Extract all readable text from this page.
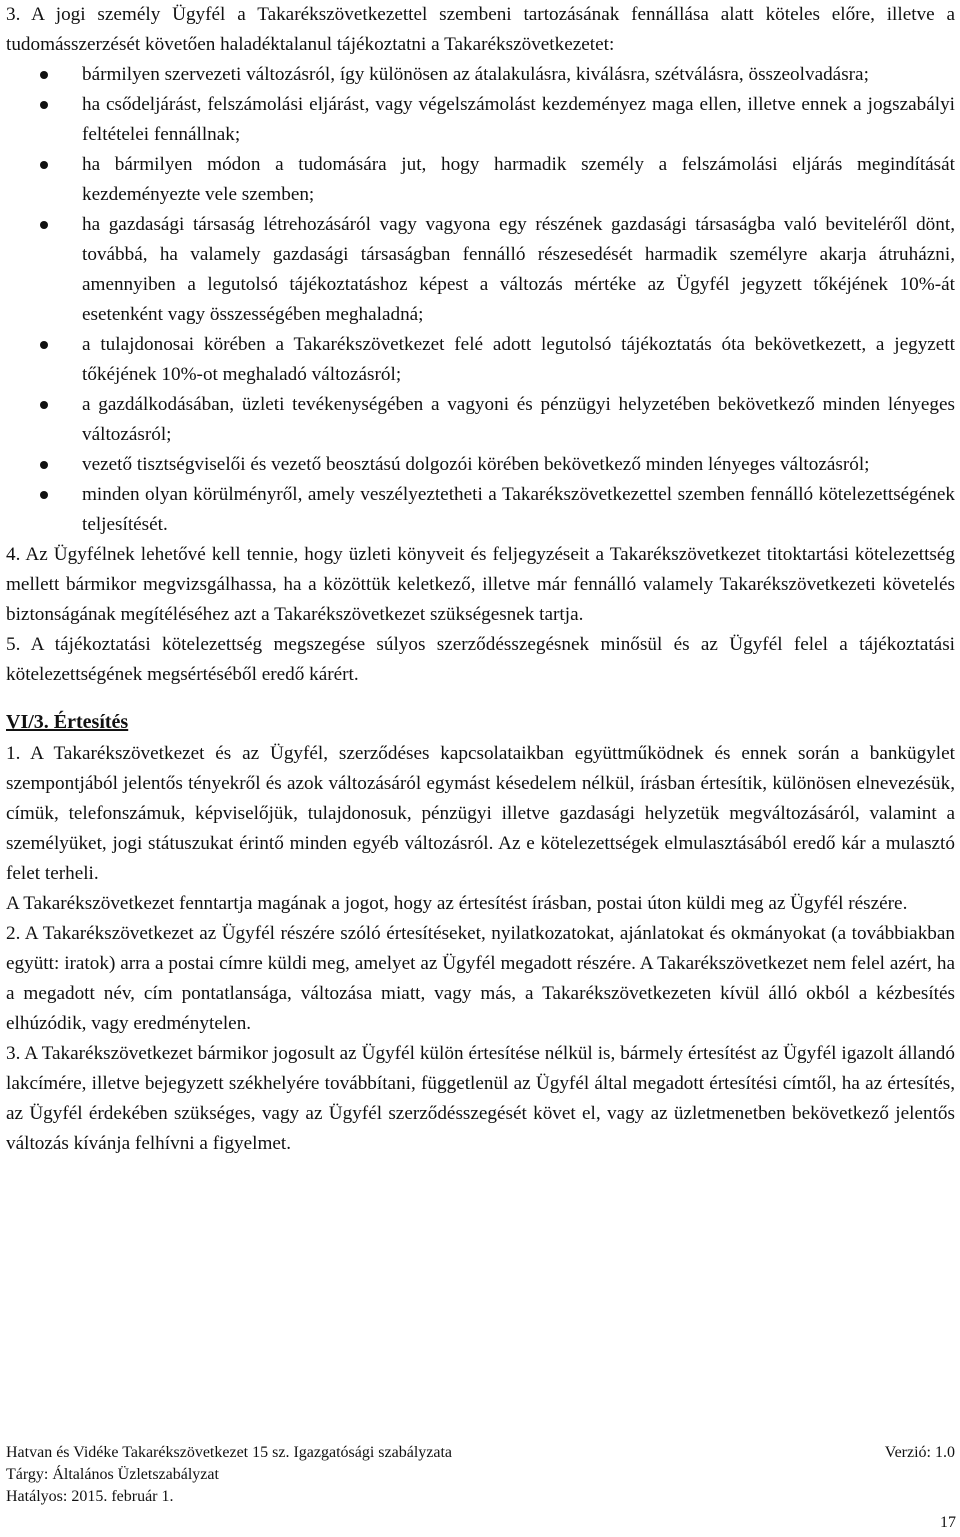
3. A jogi személy Ügyfél a Takarékszövetkezettel szembeni tartozásának fennállása alatt köteles előre, illetve a tudomásszerzését követően haladéktalanul tájékoztatni a Takarékszövetkezetet:

bármilyen szervezeti változásról, így különösen az átalakulásra, kiválásra, szétválásra, összeolvadásra;
ha csődeljárást, felszámolási eljárást, vagy végelszámolást kezdeményez maga ellen, illetve ennek a jogszabályi feltételei fennállnak;
ha bármilyen módon a tudomására jut, hogy harmadik személy a felszámolási eljárás megindítását kezdeményezte vele szemben;
ha gazdasági társaság létrehozásáról vagy vagyona egy részének gazdasági társaságba való beviteléről dönt, továbbá, ha valamely gazdasági társaságban fennálló részesedését harmadik személyre akarja átruházni, amennyiben a legutolsó tájékoztatáshoz képest a változás mértéke az Ügyfél jegyzett tőkéjének 10%-át esetenként vagy összességében meghaladná;
a tulajdonosai körében a Takarékszövetkezet felé adott legutolsó tájékoztatás óta bekövetkezett, a jegyzett tőkéjének 10%-ot meghaladó változásról;
a gazdálkodásában, üzleti tevékenységében a vagyoni és pénzügyi helyzetében bekövetkező minden lényeges változásról;
vezető tisztségviselői és vezető beosztású dolgozói körében bekövetkező minden lényeges változásról;
minden olyan körülményről, amely veszélyeztetheti a Takarékszövetkezettel szemben fennálló kötelezettségének teljesítését.

4. Az Ügyfélnek lehetővé kell tennie, hogy üzleti könyveit és feljegyzéseit a Takarékszövetkezet titoktartási kötelezettség mellett bármikor megvizsgálhassa, ha a közöttük keletkező, illetve már fennálló valamely Takarékszövetkezeti követelés biztonságának megítéléséhez azt a Takarékszövetkezet szükségesnek tartja.

5. A tájékoztatási kötelezettség megszegése súlyos szerződésszegésnek minősül és az Ügyfél felel a tájékoztatási kötelezettségének megsértéséből eredő kárért.

VI/3. Értesítés

1. A Takarékszövetkezet és az Ügyfél, szerződéses kapcsolataikban együttműködnek és ennek során a bankügylet szempontjából jelentős tényekről és azok változásáról egymást késedelem nélkül, írásban értesítik, különösen elnevezésük, címük, telefonszámuk, képviselőjük, tulajdonosuk, pénzügyi illetve gazdasági helyzetük megváltozásáról, valamint a személyüket, jogi státuszukat érintő minden egyéb változásról. Az e kötelezettségek elmulasztásából eredő kár a mulasztó felet terheli.

A Takarékszövetkezet fenntartja magának a jogot, hogy az értesítést írásban, postai úton küldi meg az Ügyfél részére.

2. A Takarékszövetkezet az Ügyfél részére szóló értesítéseket, nyilatkozatokat, ajánlatokat és okmányokat (a továbbiakban együtt: iratok) arra a postai címre küldi meg, amelyet az Ügyfél megadott részére. A Takarékszövetkezet nem felel azért, ha a megadott név, cím pontatlansága, változása miatt, vagy más, a Takarékszövetkezeten kívül álló okból a kézbesítés elhúzódik, vagy eredménytelen.

3. A Takarékszövetkezet bármikor jogosult az Ügyfél külön értesítése nélkül is, bármely értesítést az Ügyfél igazolt állandó lakcímére, illetve bejegyzett székhelyére továbbítani, függetlenül az Ügyfél által megadott értesítési címtől, ha az értesítés, az Ügyfél érdekében szükséges, vagy az Ügyfél szerződésszegését követ el, vagy az üzletmenetben bekövetkező jelentős változás kívánja felhívni a figyelmet.

Hatvan és Vidéke Takarékszövetkezet 15 sz. Igazgatósági szabályzata	Verzió: 1.0
Tárgy: Általános Üzletszabályzat
Hatályos: 2015. február 1.
17
